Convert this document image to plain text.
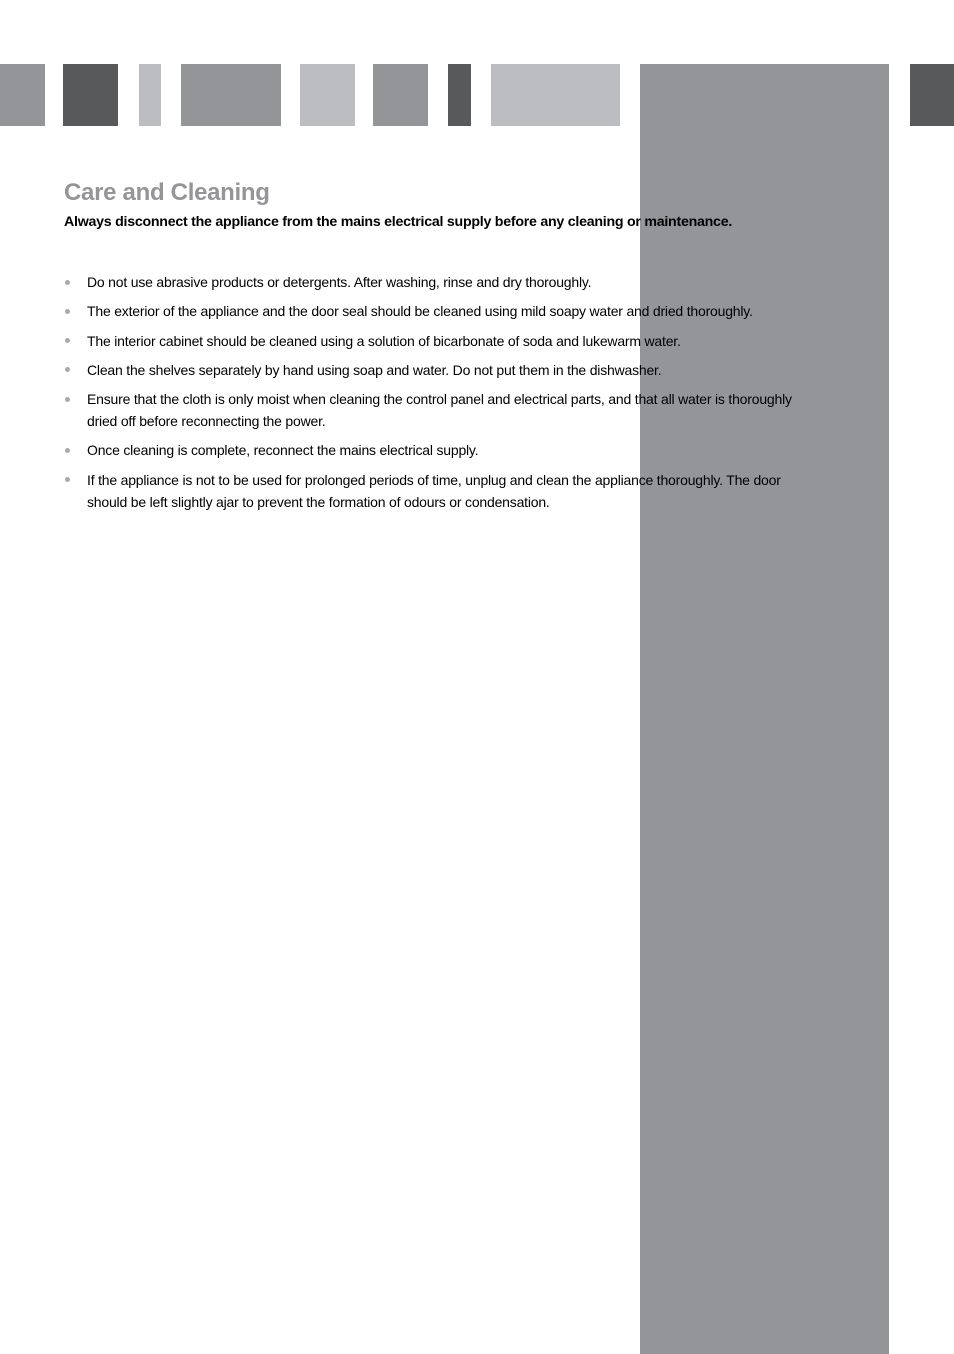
Care and Cleaning

Always disconnect the appliance from the mains electrical supply before any cleaning or maintenance.

Do not use abrasive products or detergents. After washing, rinse and dry thoroughly.
The exterior of the appliance and the door seal should be cleaned using mild soapy water and dried thoroughly.
The interior cabinet should be cleaned using a solution of bicarbonate of soda and lukewarm water.
Clean the shelves separately by hand using soap and water. Do not put them in the dishwasher.
Ensure that the cloth is only moist when cleaning the control panel and electrical parts, and that all water is thoroughly dried off before reconnecting the power.
Once cleaning is complete, reconnect the mains electrical supply.
If the appliance is not to be used for prolonged periods of time, unplug and clean the appliance thoroughly. The door should be left slightly ajar to prevent the formation of odours or condensation.
